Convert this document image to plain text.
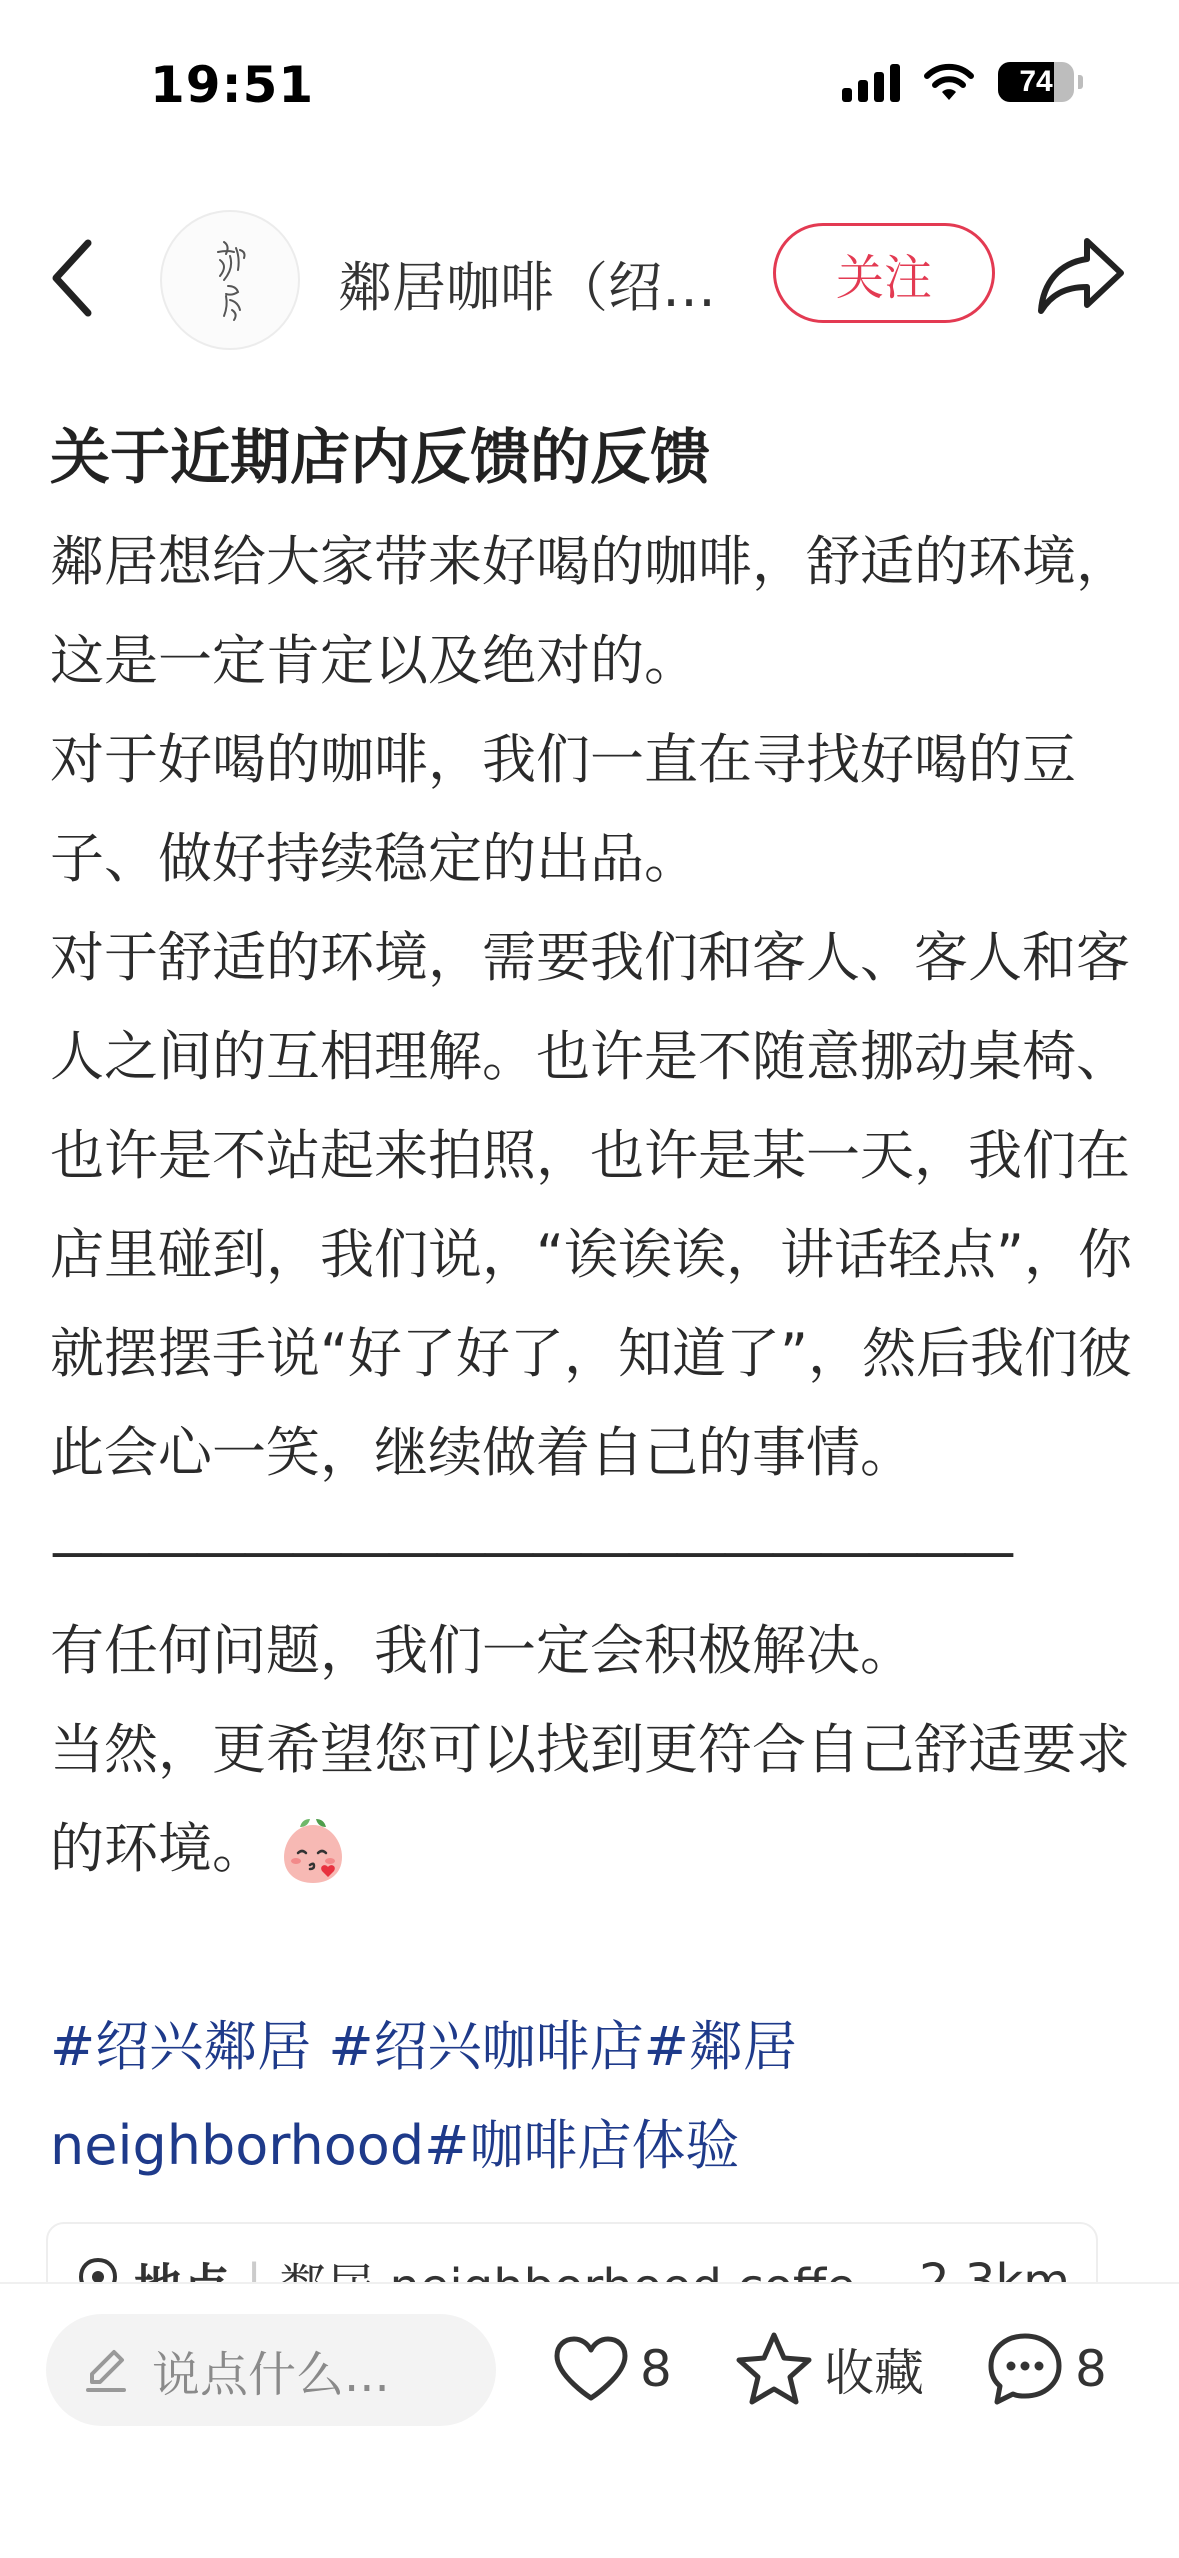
19:51	74
鄰居咖啡（绍…	关注
关于近期店内反馈的反馈

鄰居想给大家带来好喝的咖啡，舒适的环境，这是一定肯定以及绝对的。

对于好喝的咖啡，我们一直在寻找好喝的豆子、做好持续稳定的出品。

对于舒适的环境，需要我们和客人、客人和客人之间的互相理解。也许是不随意挪动桌椅、也许是不站起来拍照，也许是某一天，我们在店里碰到，我们说，“诶诶诶，讲话轻点”，你就摆摆手说“好了好了，知道了”，然后我们彼此会心一笑，继续做着自己的事情。

————————————————————

有任何问题，我们一定会积极解决。

当然，更希望您可以找到更符合自己舒适要求的环境。

#绍兴鄰居 #绍兴咖啡店#鄰居
neighborhood#咖啡店体验
说点什么...	8	收藏	8
